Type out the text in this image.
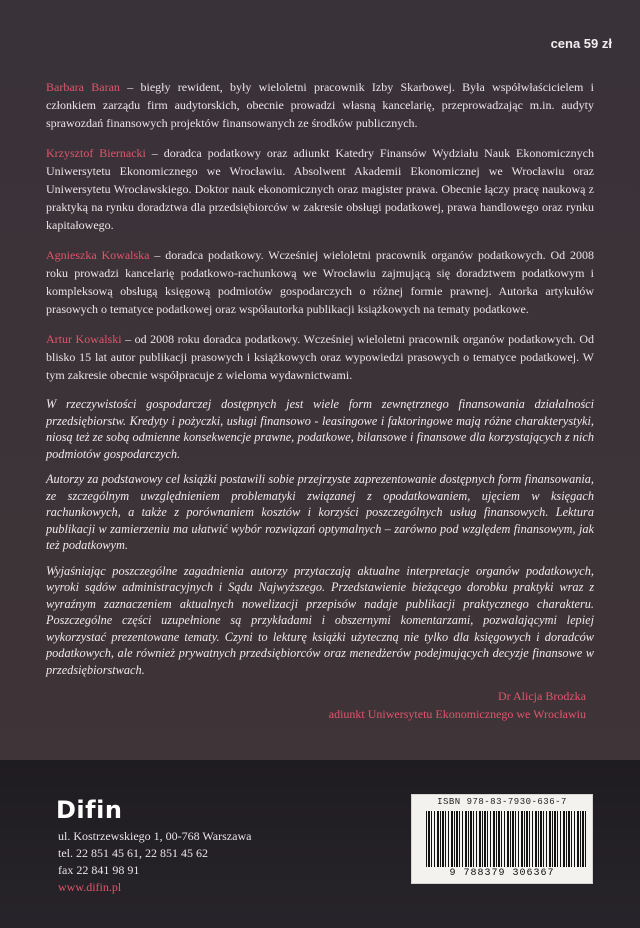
cena 59 zł

Barbara Baran – biegły rewident, były wieloletni pracownik Izby Skarbowej. Była współwłaścicielem i członkiem zarządu firm audytorskich, obecnie prowadzi własną kancelarię, przeprowadzając m.in. audyty sprawozdań finansowych projektów finansowanych ze środków publicznych.

Krzysztof Biernacki – doradca podatkowy oraz adiunkt Katedry Finansów Wydziału Nauk Ekonomicznych Uniwersytetu Ekonomicznego we Wrocławiu. Absolwent Akademii Ekonomicznej we Wrocławiu oraz Uniwersytetu Wrocławskiego. Doktor nauk ekonomicznych oraz magister prawa. Obecnie łączy pracę naukową z praktyką na rynku doradztwa dla przedsiębiorców w zakresie obsługi podatkowej, prawa handlowego oraz rynku kapitałowego.

Agnieszka Kowalska – doradca podatkowy. Wcześniej wieloletni pracownik organów podatkowych. Od 2008 roku prowadzi kancelarię podatkowo-rachunkową we Wrocławiu zajmującą się doradztwem podatkowym i kompleksową obsługą księgową podmiotów gospodarczych o różnej formie prawnej. Autorka artykułów prasowych o tematyce podatkowej oraz współautorka publikacji książkowych na tematy podatkowe.

Artur Kowalski – od 2008 roku doradca podatkowy. Wcześniej wieloletni pracownik organów podatkowych. Od blisko 15 lat autor publikacji prasowych i książkowych oraz wypowiedzi prasowych o tematyce podatkowej. W tym zakresie obecnie współpracuje z wieloma wydawnictwami.

W rzeczywistości gospodarczej dostępnych jest wiele form zewnętrznego finansowania działalności przedsiębiorstw. Kredyty i pożyczki, usługi finansowo - leasingowe i faktoringowe mają różne charakterystyki, niosą też ze sobą odmienne konsekwencje prawne, podatkowe, bilansowe i finansowe dla korzystających z nich podmiotów gospodarczych.

Autorzy za podstawowy cel książki postawili sobie przejrzyste zaprezentowanie dostępnych form finansowania, ze szczególnym uwzględnieniem problematyki związanej z opodatkowaniem, ujęciem w księgach rachunkowych, a także z porównaniem kosztów i korzyści poszczególnych usług finansowych. Lektura publikacji w zamierzeniu ma ułatwić wybór rozwiązań optymalnych – zarówno pod względem finansowym, jak też podatkowym.

Wyjaśniając poszczególne zagadnienia autorzy przytaczają aktualne interpretacje organów podatkowych, wyroki sądów administracyjnych i Sądu Najwyższego. Przedstawienie bieżącego dorobku praktyki wraz z wyraźnym zaznaczeniem aktualnych nowelizacji przepisów nadaje publikacji praktycznego charakteru. Poszczególne części uzupełnione są przykładami i obszernymi komentarzami, pozwalającymi lepiej wykorzystać prezentowane tematy. Czyni to lekturę książki użyteczną nie tylko dla księgowych i doradców podatkowych, ale również prywatnych przedsiębiorców oraz menedżerów podejmujących decyzje finansowe w przedsiębiorstwach.

Dr Alicja Brodzka
adiunkt Uniwersytetu Ekonomicznego we Wrocławiu
Difin
ul. Kostrzewskiego 1, 00-768 Warszawa
tel. 22 851 45 61, 22 851 45 62
fax 22 841 98 91
www.difin.pl
ISBN 978-83-7930-636-7
9 788379 306367
